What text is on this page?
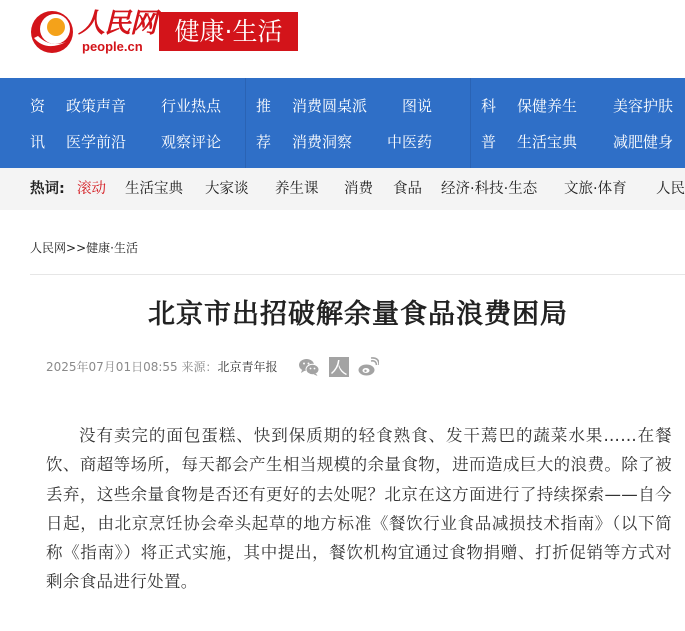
人民网
people.cn
健康·生活
资
讯
政策声音 行业热点
医学前沿 观察评论
推
荐
消费圆桌派 图说
消费洞察 中医药
科
普
保健养生 美容护肤
生活宝典 减肥健身
热词: 滚动 生活宝典 大家谈 养生课 消费 食品 经济·科技·生态 文旅·体育 人民
人民网>>健康·生活
北京市出招破解余量食品浪费困局
2025年07月01日08:55 来源：北京青年报
没有卖完的面包蛋糕、快到保质期的轻食熟食、发干蔫巴的蔬菜水果……在餐饮、商超等场所，每天都会产生相当规模的余量食物，进而造成巨大的浪费。除了被丢弃，这些余量食物是否还有更好的去处呢？北京在这方面进行了持续探索——自今日起，由北京烹饪协会牵头起草的地方标准《餐饮行业食品减损技术指南》（以下简称《指南》）将正式实施，其中提出，餐饮机构宜通过食物捐赠、打折促销等方式对剩余食品进行处置。
